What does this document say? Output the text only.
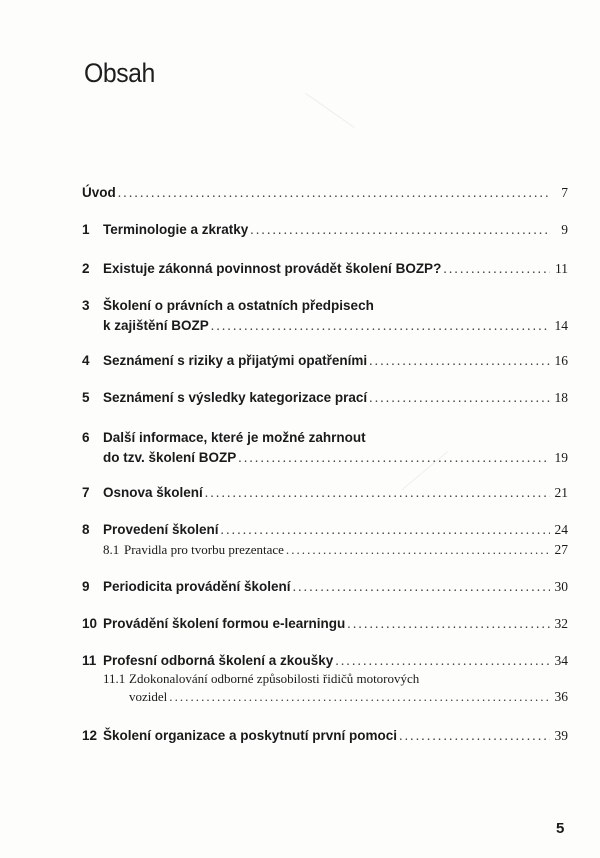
Obsah
Úvod . . .	7
1 Terminologie a zkratky . . .	9
2 Existuje zákonná povinnost provádět školení BOZP? . . .	11
3 Školení o právních a ostatních předpisech
k zajištění BOZP . . .	14
4 Seznámení s riziky a přijatými opatřeními . . .	16
5 Seznámení s výsledky kategorizace prací . . .	18
6 Další informace, které je možné zahrnout
do tzv. školení BOZP . . .	19
7 Osnova školení . . .	21
8 Provedení školení . . .	24
8.1 Pravidla pro tvorbu prezentace . . .	27
9 Periodicita provádění školení . . .	30
10 Provádění školení formou e-learningu . . .	32
11 Profesní odborná školení a zkoušky . . .	34
11.1 Zdokonalování odborné způsobilosti řidičů motorových
vozidel . . .	36
12 Školení organizace a poskytnutí první pomoci . . .	39
5
